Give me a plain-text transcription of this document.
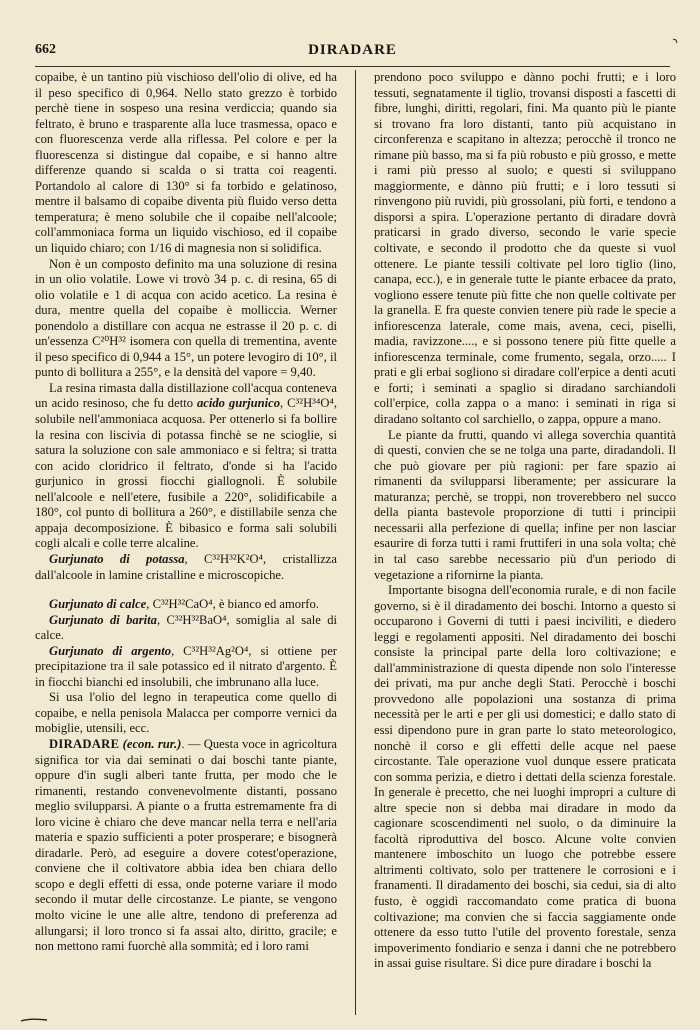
662	DIRADARE

copaibe, è un tantino più vischioso dell'olio di olive, ed ha il peso specifico di 0,964. Nello stato grezzo è torbido perchè tiene in sospeso una resina verdiccia; quando sia feltrato, è bruno e trasparente alla luce trasmessa, opaco e con fluorescenza verde alla riflessa. Pel colore e per la fluorescenza si distingue dal copaibe, e si hanno altre differenze quando si scalda o si tratta coi reagenti. Portandolo al calore di 130° si fa torbido e gelatinoso, mentre il balsamo di copaibe diventa più fluido verso detta temperatura; è meno solubile che il copaibe nell'alcoole; coll'ammoniaca forma un liquido vischioso, ed il copaibe un liquido chiaro; con 1/16 di magnesia non si solidifica.

Non è un composto definito ma una soluzione di resina in un olio volatile. Lowe vi trovò 34 p. c. di resina, 65 di olio volatile e 1 di acqua con acido acetico. La resina è dura, mentre quella del copaibe è molliccia. Werner ponendolo a distillare con acqua ne estrasse il 20 p. c. di un'essenza C²⁰H³² isomera con quella di trementina, avente il peso specifico di 0,944 a 15°, un potere levogiro di 10°, il punto di bollitura a 255°, e la densità del vapore = 9,40.

La resina rimasta dalla distillazione coll'acqua conteneva un acido resinoso, che fu detto acido gurjunico, C³²H³⁴O⁴, solubile nell'ammoniaca acquosa. Per ottenerlo si fa bollire la resina con liscivia di potassa finchè se ne scioglie, si satura la soluzione con sale ammoniaco e si feltra; si tratta con acido cloridrico il feltrato, d'onde si ha l'acido gurjunico in grossi fiocchi giallognoli. È solubile nell'alcoole e nell'etere, fusibile a 220°, solidificabile a 180°, col punto di bollitura a 260°, e distillabile senza che appaja decomposizione. È bibasico e forma sali solubili cogli alcali e colle terre alcaline.

Gurjunato di potassa, C³²H³²K²O⁴, cristallizza dall'alcoole in lamine cristalline e microscopiche.

Gurjunato di calce, C³²H³²CaO⁴, è bianco ed amorfo.

Gurjunato di barita, C³²H³²BaO⁴, somiglia al sale di calce.

Gurjunato di argento, C³²H³²Ag²O⁴, si ottiene per precipitazione tra il sale potassico ed il nitrato d'argento. È in fiocchi bianchi ed insolubili, che imbrunano alla luce.

Si usa l'olio del legno in terapeutica come quello di copaibe, e nella penisola Malacca per comporre vernici da mobiglie, utensili, ecc.

DIRADARE (econ. rur.). — Questa voce in agricoltura significa tor via dai seminati o dai boschi tante piante, oppure d'in sugli alberi tante frutta, per modo che le rimanenti, restando convenevolmente distanti, possano meglio svilupparsi. A piante o a frutta estremamente fra di loro vicine è chiaro che deve mancar nella terra e nell'aria materia e spazio sufficienti a poter prosperare; e bisognerà diradarle. Però, ad eseguire a dovere cotest'operazione, conviene che il coltivatore abbia idea ben chiara dello scopo e degli effetti di essa, onde poterne variare il modo secondo il mutar delle circostanze. Le piante, se vengono molto vicine le une alle altre, tendono di preferenza ad allungarsi; il loro tronco si fa assai alto, diritto, gracile; e non mettono rami fuorchè alla sommità; ed i loro rami

prendono poco sviluppo e dànno pochi frutti; e i loro tessuti, segnatamente il tiglio, trovansi disposti a fascetti di fibre, lunghi, diritti, regolari, fini. Ma quanto più le piante si trovano fra loro distanti, tanto più acquistano in circonferenza e scapitano in altezza; perocchè il tronco ne rimane più basso, ma si fa più robusto e più grosso, e mette i rami più presso al suolo; e questi si sviluppano maggiormente, e dànno più frutti; e i loro tessuti si rinvengono più ruvidi, più grossolani, più forti, e tendono a disporsi a spira. L'operazione pertanto di diradare dovrà praticarsi in grado diverso, secondo le varie specie coltivate, e secondo il prodotto che da queste si vuol ottenere. Le piante tessili coltivate pel loro tiglio (lino, canapa, ecc.), e in generale tutte le piante erbacee da prato, vogliono essere tenute più fitte che non quelle coltivate per la granella. E fra queste convien tenere più rade le specie a infiorescenza laterale, come mais, avena, ceci, piselli, madia, ravizzone...., e si possono tenere più fitte quelle a infiorescenza terminale, come frumento, segala, orzo..... I prati e gli erbai sogliono si diradare coll'erpice a denti acuti e forti; i seminati a spaglio si diradano sarchiandoli coll'erpice, colla zappa o a mano: i seminati in riga si diradano soltanto col sarchiello, o zappa, oppure a mano.

Le piante da frutti, quando vi allega soverchia quantità di questi, convien che se ne tolga una parte, diradandoli. Il che può giovare per più ragioni: per fare spazio ai rimanenti da svilupparsi liberamente; per assicurare la maturanza; perchè, se troppi, non troverebbero nel succo della pianta bastevole proporzione di tutti i principii necessarii alla perfezione di quella; infine per non lasciar esaurire di forza tutti i rami fruttiferi in una sola volta; chè in tal caso sarebbe necessario più d'un periodo di vegetazione a rifornirne la pianta.

Importante bisogna dell'economia rurale, e di non facile governo, si è il diradamento dei boschi. Intorno a questo si occuparono i Governi di tutti i paesi inciviliti, e diedero leggi e regolamenti appositi. Nel diradamento dei boschi consiste la principal parte della loro coltivazione; e dall'amministrazione di questa dipende non solo l'interesse dei privati, ma pur anche degli Stati. Perocchè i boschi provvedono alle popolazioni una sostanza di prima necessità per le arti e per gli usi domestici; e dallo stato di essi dipendono pure in gran parte lo stato meteorologico, nonchè il corso e gli effetti delle acque nel paese circostante. Tale operazione vuol dunque essere praticata con somma perizia, e dietro i dettati della scienza forestale. In generale è precetto, che nei luoghi impropri a culture di altre specie non si debba mai diradare in modo da cagionare scoscendimenti nel suolo, o da diminuire la facoltà riproduttiva del bosco. Alcune volte convien mantenere imboschito un luogo che potrebbe essere altrimenti coltivato, solo per trattenere le corrosioni e i franamenti. Il diradamento dei boschi, sia cedui, sia di alto fusto, è oggidì raccomandato come pratica di buona coltivazione; ma convien che si faccia saggiamente onde ottenere da esso tutto l'utile del provento forestale, senza impoverimento fondiario e senza i danni che ne potrebbero in assai guise risultare. Si dice pure diradare i boschi la
